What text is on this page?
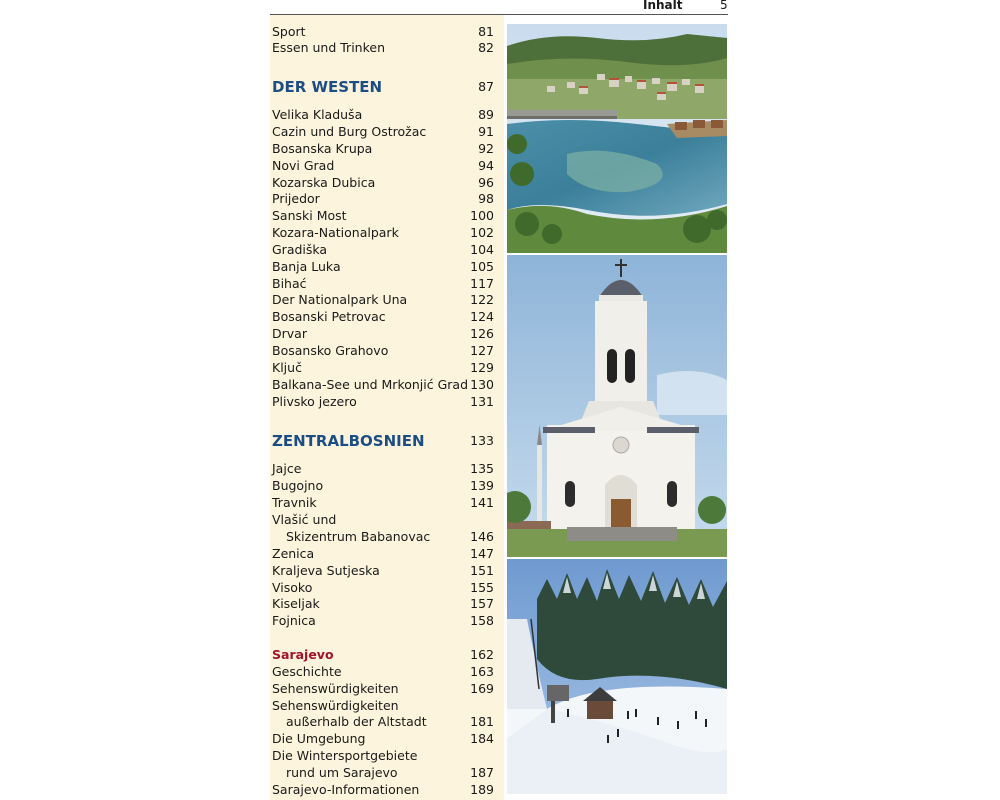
Inhalt	5
Sport	81
Essen und Trinken	82
DER WESTEN	87
Velika Kladuša	89
Cazin und Burg Ostrožac	91
Bosanska Krupa	92
Novi Grad	94
Kozarska Dubica	96
Prijedor	98
Sanski Most	100
Kozara-Nationalpark	102
Gradiška	104
Banja Luka	105
Bihać	117
Der Nationalpark Una	122
Bosanski Petrovac	124
Drvar	126
Bosansko Grahovo	127
Ključ	129
Balkana-See und Mrkonjić Grad 130
Plivsko jezero	131
ZENTRALBOSNIEN	133
Jajce	135
Bugojno	139
Travnik	141
Vlašić und
Skizentrum Babanovac	146
Zenica	147
Kraljeva Sutjeska	151
Visoko	155
Kiseljak	157
Fojnica	158
Sarajevo	162
Geschichte	163
Sehenswürdigkeiten	169
Sehenswürdigkeiten
außerhalb der Altstadt	181
Die Umgebung	184
Die Wintersportgebiete
rund um Sarajevo	187
Sarajevo-Informationen	189
